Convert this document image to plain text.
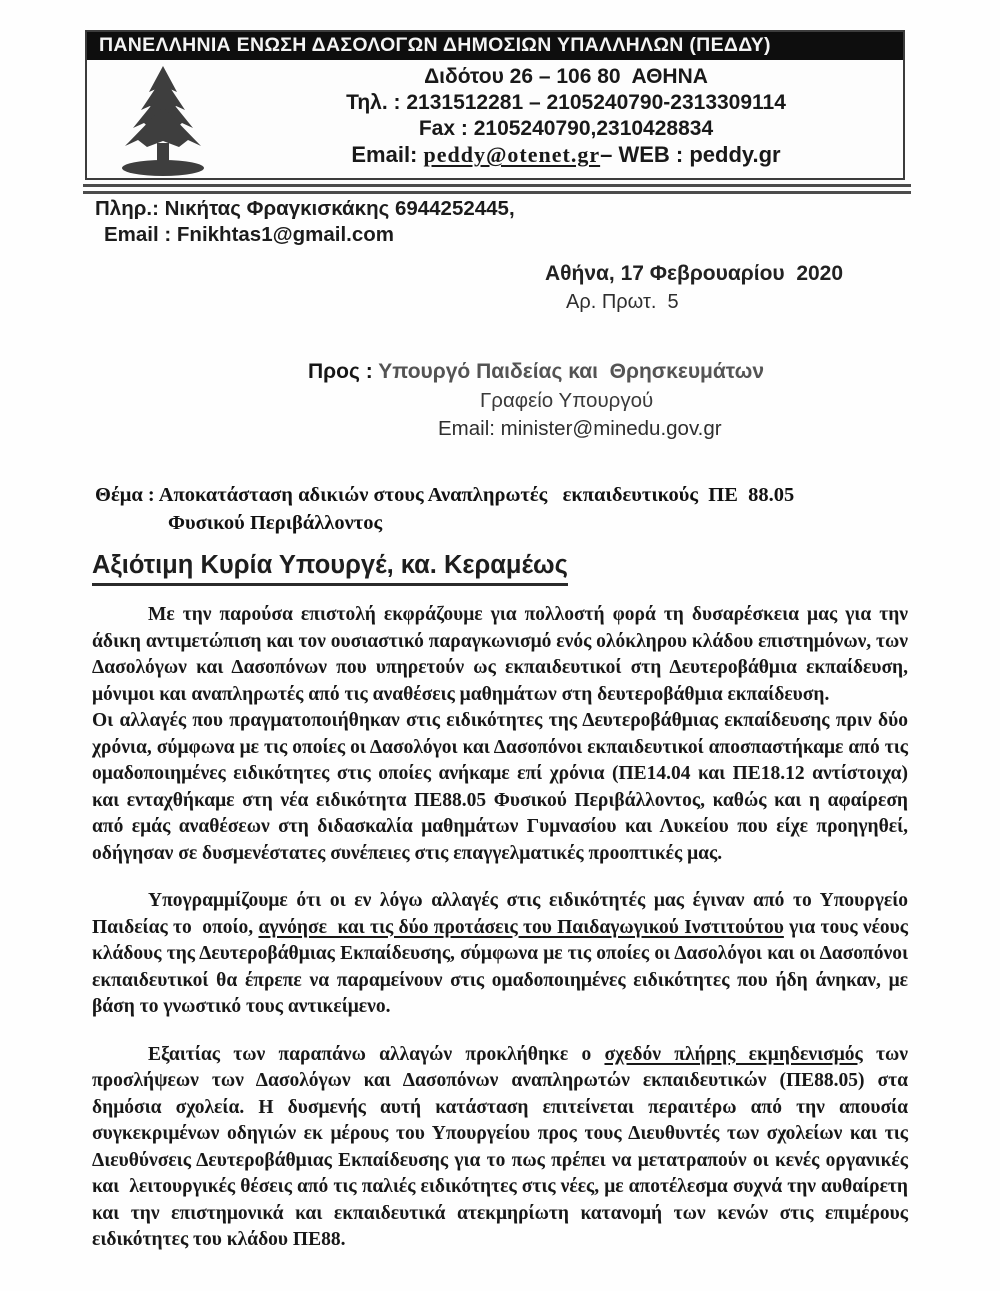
ΠΑΝΕΛΛΗΝΙΑ ΕΝΩΣΗ ΔΑΣΟΛΟΓΩΝ ΔΗΜΟΣΙΩΝ ΥΠΑΛΛΗΛΩΝ (ΠΕΔΔΥ)
Διδότου 26 – 106 80  ΑΘΗΝΑ
Τηλ. : 2131512281 – 2105240790-2313309114
Fax : 2105240790,2310428834
Email: peddy@otenet.gr– WEB : peddy.gr
Πληρ.: Νικήτας Φραγκισκάκης 6944252445,
Email : Fnikhtas1@gmail.com
Αθήνα, 17 Φεβρουαρίου  2020
Αρ. Πρωτ.  5
Προς : Υπουργό Παιδείας και  Θρησκευμάτων
Γραφείο Υπουργού
Email: minister@minedu.gov.gr
Θέμα : Αποκατάσταση αδικιών στους Αναπληρωτές   εκπαιδευτικούς  ΠΕ  88.05
Φυσικού Περιβάλλοντος
Αξιότιμη Κυρία Υπουργέ, κα. Κεραμέως

Με την παρούσα επιστολή εκφράζουμε για πολλοστή φορά τη δυσαρέσκεια μας για την άδικη αντιμετώπιση και τον ουσιαστικό παραγκωνισμό ενός ολόκληρου κλάδου επιστημόνων, των Δασολόγων και Δασοπόνων που υπηρετούν ως εκπαιδευτικοί στη Δευτεροβάθμια εκπαίδευση, μόνιμοι και αναπληρωτές από τις αναθέσεις μαθημάτων στη δευτεροβάθμια εκπαίδευση.

Οι αλλαγές που πραγματοποιήθηκαν στις ειδικότητες της Δευτεροβάθμιας εκπαίδευσης πριν δύο χρόνια, σύμφωνα με τις οποίες οι Δασολόγοι και Δασοπόνοι εκπαιδευτικοί αποσπαστήκαμε από τις ομαδοποιημένες ειδικότητες στις οποίες ανήκαμε επί χρόνια (ΠΕ14.04 και ΠΕ18.12 αντίστοιχα) και ενταχθήκαμε στη νέα ειδικότητα ΠΕ88.05 Φυσικού Περιβάλλοντος, καθώς και η αφαίρεση από εμάς αναθέσεων στη διδασκαλία μαθημάτων Γυμνασίου και Λυκείου που είχε προηγηθεί, οδήγησαν σε δυσμενέστατες συνέπειες στις επαγγελματικές προοπτικές μας.

Υπογραμμίζουμε ότι οι εν λόγω αλλαγές στις ειδικότητές μας έγιναν από το Υπουργείο Παιδείας το  οποίο, αγνόησε  και τις δύο προτάσεις του Παιδαγωγικού Ινστιτούτου για τους νέους κλάδους της Δευτεροβάθμιας Εκπαίδευσης, σύμφωνα με τις οποίες οι Δασολόγοι και οι Δασοπόνοι εκπαιδευτικοί θα έπρεπε να παραμείνουν στις ομαδοποιημένες ειδικότητες που ήδη άνηκαν, με βάση το γνωστικό τους αντικείμενο.

Εξαιτίας των παραπάνω αλλαγών προκλήθηκε ο σχεδόν πλήρης εκμηδενισμός των προσλήψεων των Δασολόγων και Δασοπόνων αναπληρωτών εκπαιδευτικών (ΠΕ88.05) στα δημόσια σχολεία. Η δυσμενής αυτή κατάσταση επιτείνεται περαιτέρω από την απουσία συγκεκριμένων οδηγιών εκ μέρους του Υπουργείου προς τους Διευθυντές των σχολείων και τις Διευθύνσεις Δευτεροβάθμιας Εκπαίδευσης για το πως πρέπει να μετατραπούν οι κενές οργανικές και  λειτουργικές θέσεις από τις παλιές ειδικότητες στις νέες, με αποτέλεσμα συχνά την αυθαίρετη και την επιστημονικά και εκπαιδευτικά ατεκμηρίωτη κατανομή των κενών στις επιμέρους ειδικότητες του κλάδου ΠΕ88.
